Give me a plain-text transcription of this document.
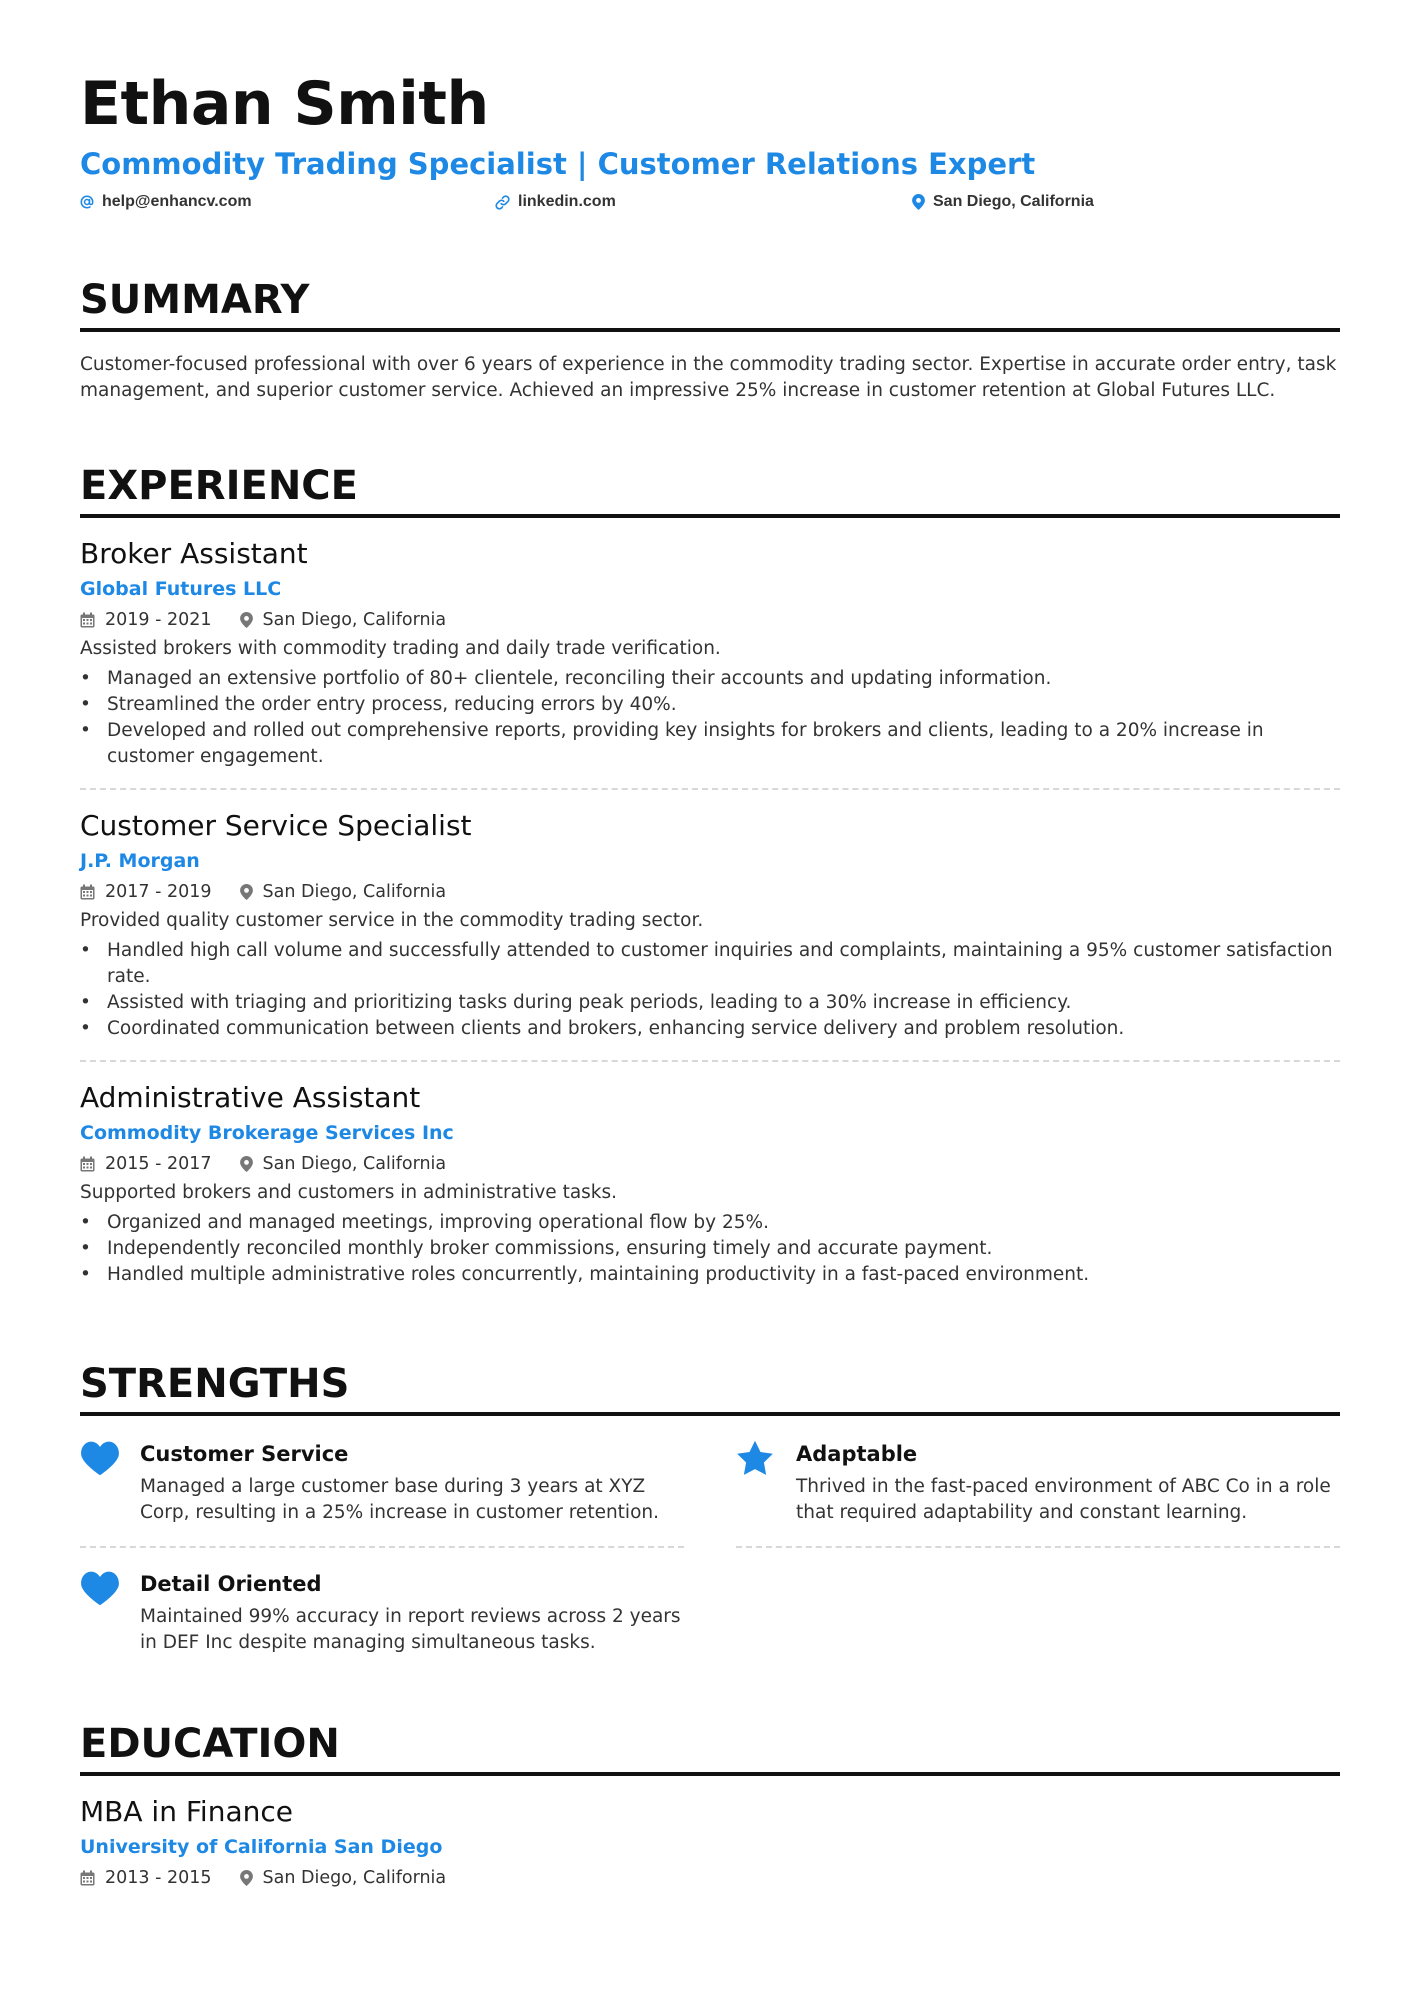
Ethan Smith
Commodity Trading Specialist | Customer Relations Expert
help@enhancv.com	linkedin.com	San Diego, California
SUMMARY
Customer-focused professional with over 6 years of experience in the commodity trading sector. Expertise in accurate order entry, task management, and superior customer service. Achieved an impressive 25% increase in customer retention at Global Futures LLC.
EXPERIENCE
Broker Assistant
Global Futures LLC
2019 - 2021	San Diego, California
Assisted brokers with commodity trading and daily trade verification.
• Managed an extensive portfolio of 80+ clientele, reconciling their accounts and updating information.
• Streamlined the order entry process, reducing errors by 40%.
• Developed and rolled out comprehensive reports, providing key insights for brokers and clients, leading to a 20% increase in customer engagement.
Customer Service Specialist
J.P. Morgan
2017 - 2019	San Diego, California
Provided quality customer service in the commodity trading sector.
• Handled high call volume and successfully attended to customer inquiries and complaints, maintaining a 95% customer satisfaction rate.
• Assisted with triaging and prioritizing tasks during peak periods, leading to a 30% increase in efficiency.
• Coordinated communication between clients and brokers, enhancing service delivery and problem resolution.
Administrative Assistant
Commodity Brokerage Services Inc
2015 - 2017	San Diego, California
Supported brokers and customers in administrative tasks.
• Organized and managed meetings, improving operational flow by 25%.
• Independently reconciled monthly broker commissions, ensuring timely and accurate payment.
• Handled multiple administrative roles concurrently, maintaining productivity in a fast-paced environment.
STRENGTHS
Customer Service
Managed a large customer base during 3 years at XYZ Corp, resulting in a 25% increase in customer retention.
Adaptable
Thrived in the fast-paced environment of ABC Co in a role that required adaptability and constant learning.
Detail Oriented
Maintained 99% accuracy in report reviews across 2 years in DEF Inc despite managing simultaneous tasks.
EDUCATION
MBA in Finance
University of California San Diego
2013 - 2015	San Diego, California
